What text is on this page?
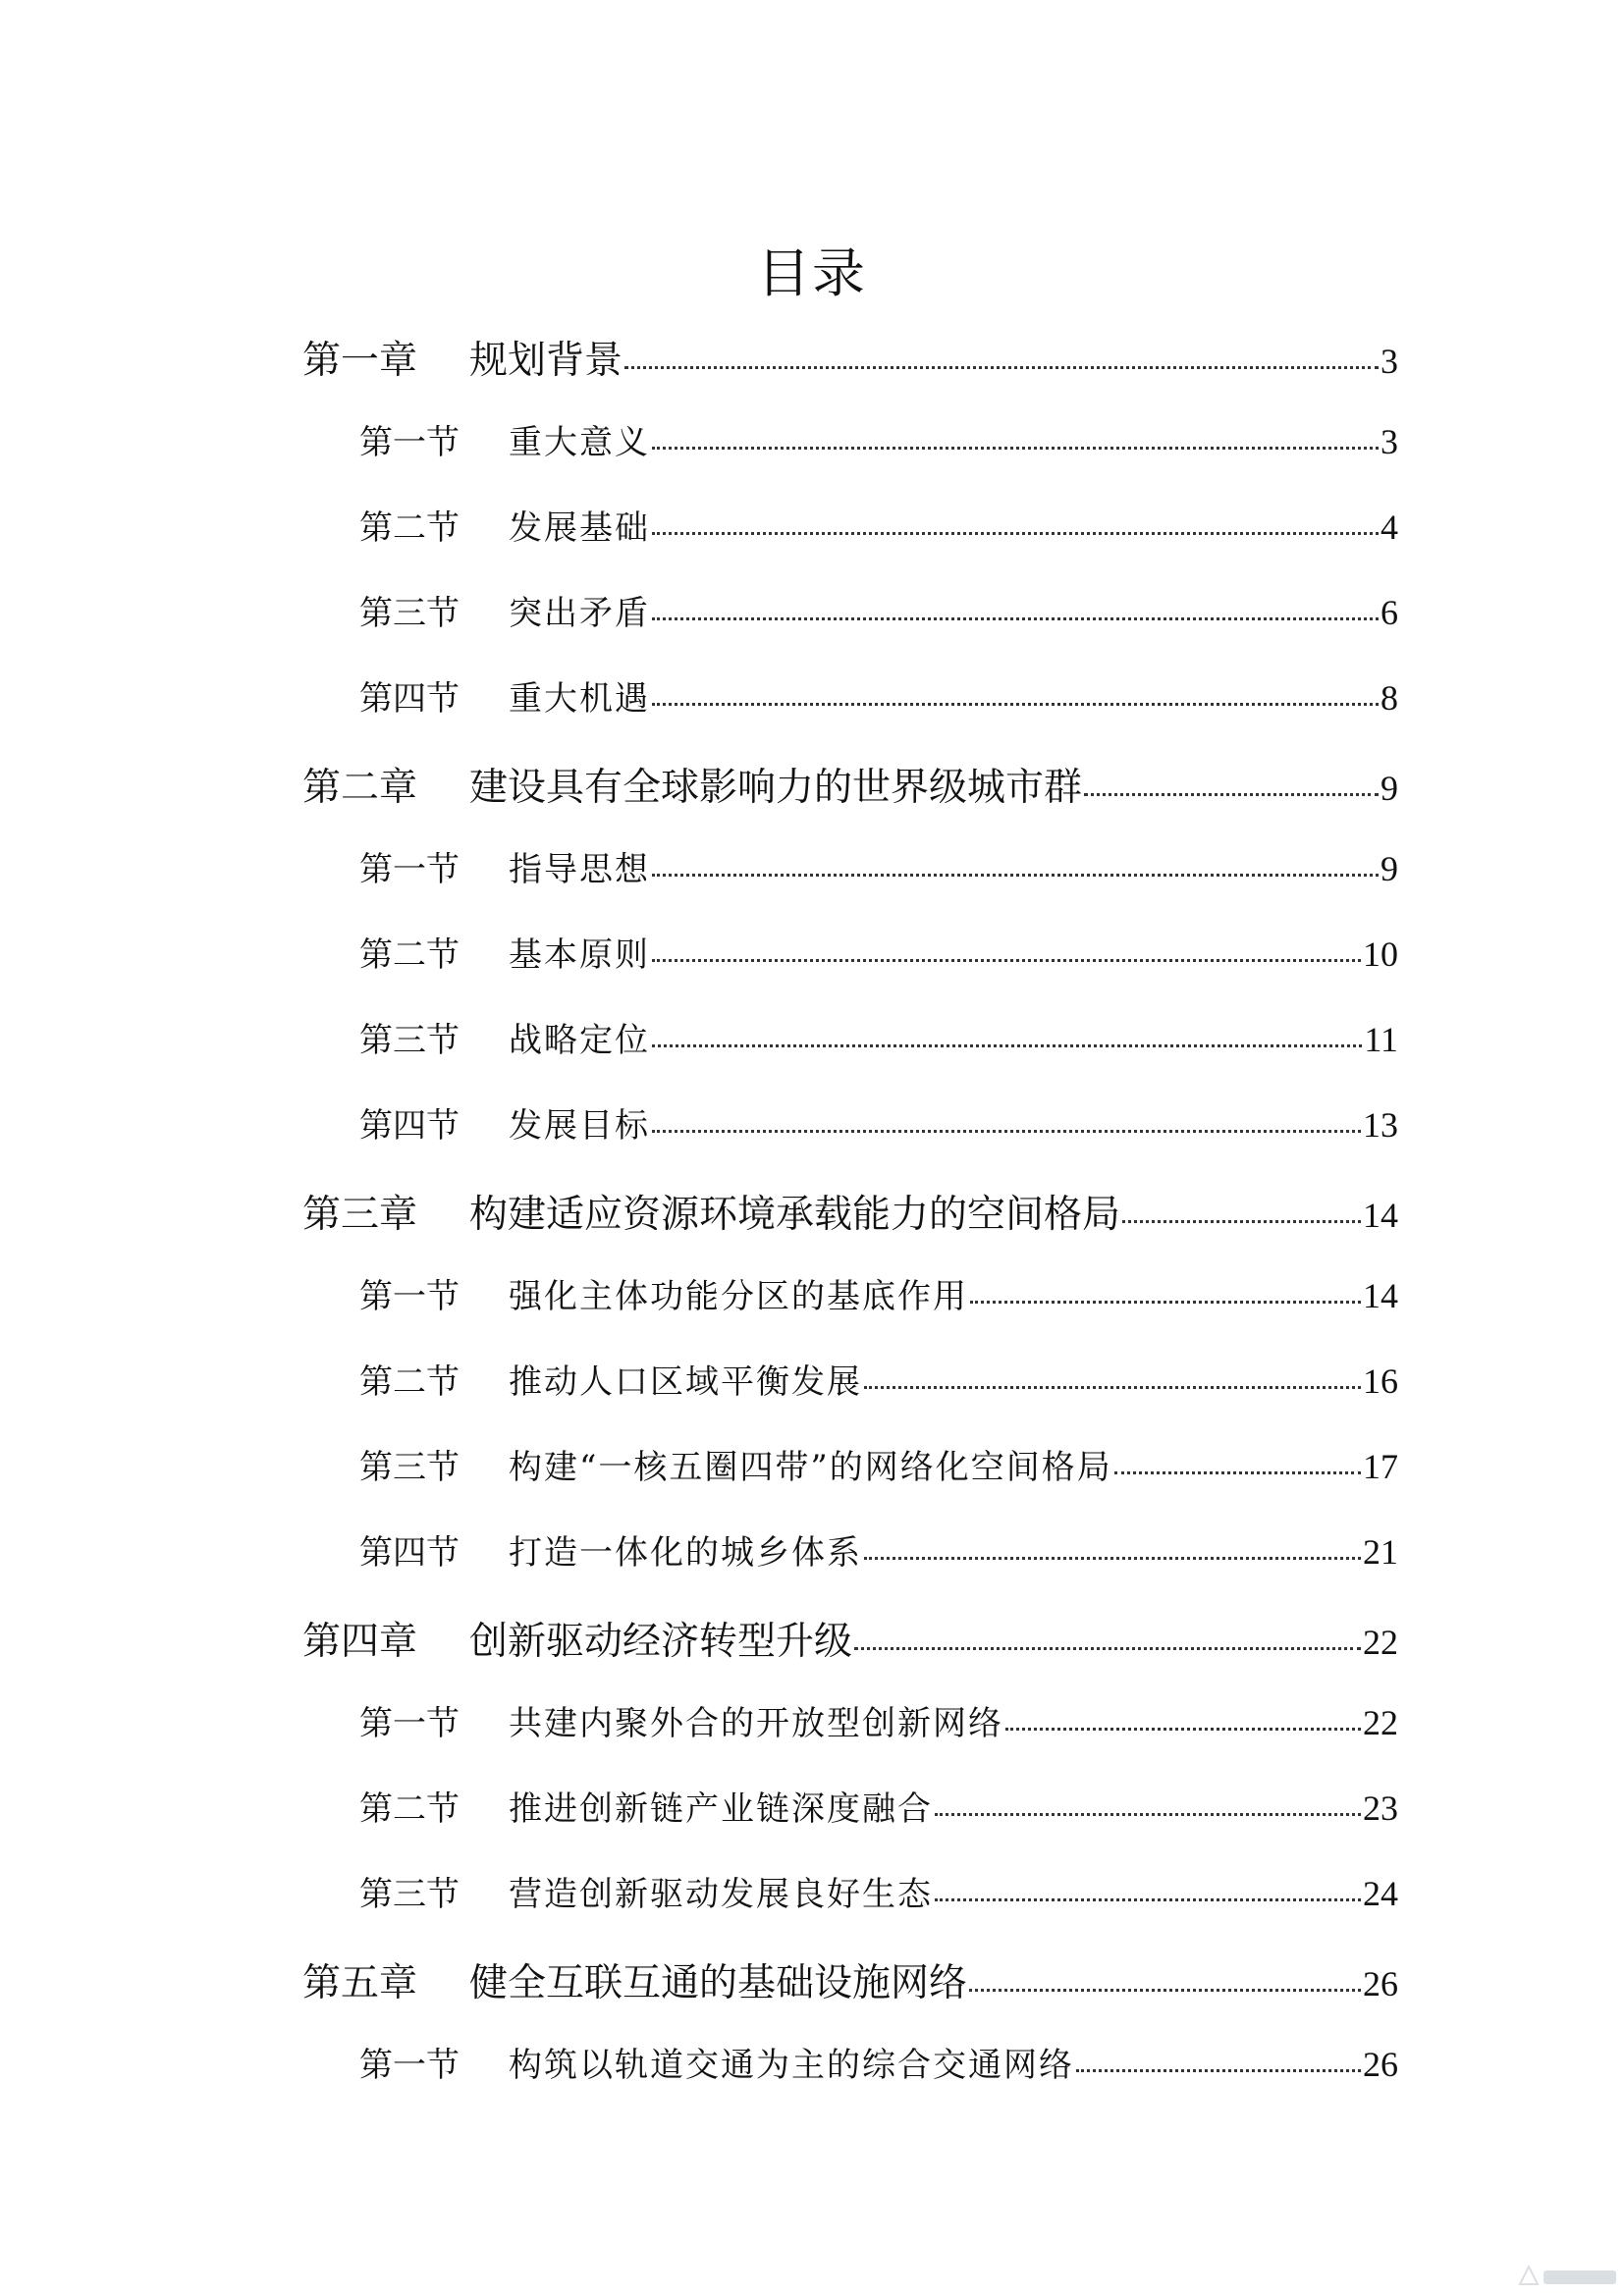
目录
第一章	规划背景	3
第一节	重大意义	3
第二节	发展基础	4
第三节	突出矛盾	6
第四节	重大机遇	8
第二章	建设具有全球影响力的世界级城市群	9
第一节	指导思想	9
第二节	基本原则	10
第三节	战略定位	11
第四节	发展目标	13
第三章	构建适应资源环境承载能力的空间格局	14
第一节	强化主体功能分区的基底作用	14
第二节	推动人口区域平衡发展	16
第三节	构建“一核五圈四带”的网络化空间格局	17
第四节	打造一体化的城乡体系	21
第四章	创新驱动经济转型升级	22
第一节	共建内聚外合的开放型创新网络	22
第二节	推进创新链产业链深度融合	23
第三节	营造创新驱动发展良好生态	24
第五章	健全互联互通的基础设施网络	26
第一节	构筑以轨道交通为主的综合交通网络	26
